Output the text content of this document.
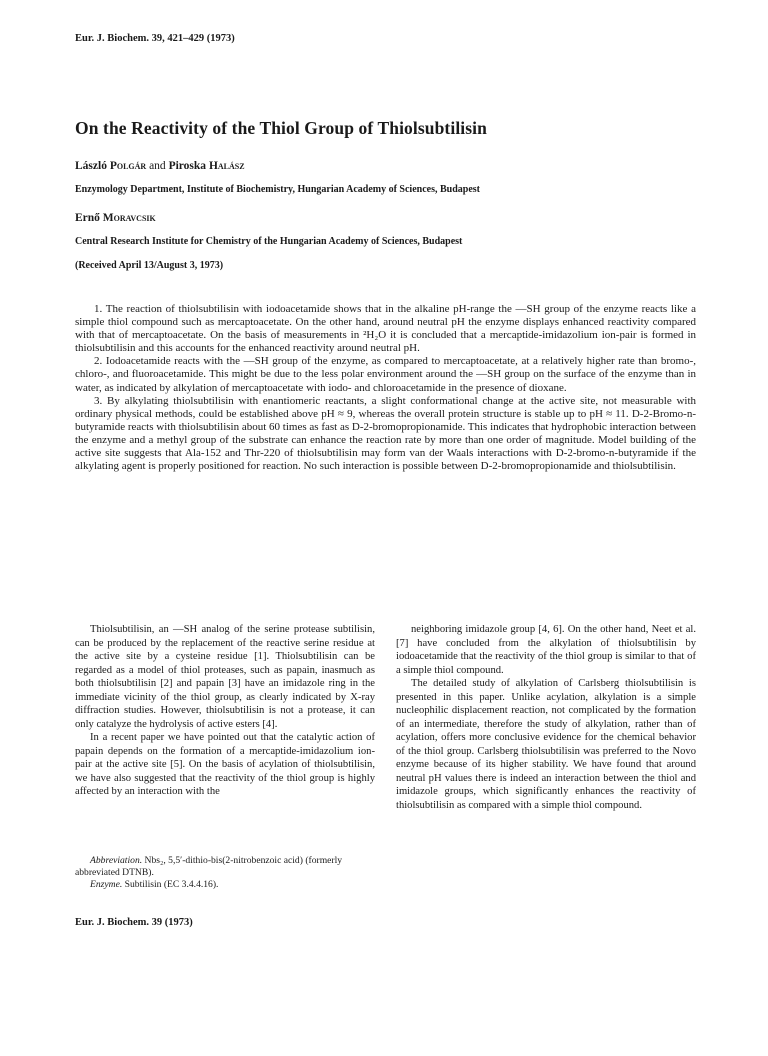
Eur. J. Biochem. 39, 421–429 (1973)
On the Reactivity of the Thiol Group of Thiolsubtilisin
László Polgár and Piroska Halász
Enzymology Department, Institute of Biochemistry, Hungarian Academy of Sciences, Budapest
Ernő Moravcsik
Central Research Institute for Chemistry of the Hungarian Academy of Sciences, Budapest
(Received April 13/August 3, 1973)

1. The reaction of thiolsubtilisin with iodoacetamide shows that in the alkaline pH-range the —SH group of the enzyme reacts like a simple thiol compound such as mercaptoacetate. On the other hand, around neutral pH the enzyme displays enhanced reactivity compared with that of mercaptoacetate. On the basis of measurements in ²H₂O it is concluded that a mercaptide-imidazolium ion-pair is formed in thiolsubtilisin and this accounts for the enhanced reactivity around neutral pH.

2. Iodoacetamide reacts with the —SH group of the enzyme, as compared to mercaptoacetate, at a relatively higher rate than bromo-, chloro-, and fluoroacetamide. This might be due to the less polar environment around the —SH group on the surface of the enzyme than in water, as indicated by alkylation of mercaptoacetate with iodo- and chloroacetamide in the presence of dioxane.

3. By alkylating thiolsubtilisin with enantiomeric reactants, a slight conformational change at the active site, not measurable with ordinary physical methods, could be established above pH ≈ 9, whereas the overall protein structure is stable up to pH ≈ 11. D-2-Bromo-n-butyramide reacts with thiolsubtilisin about 60 times as fast as D-2-bromopropionamide. This indicates that hydrophobic interaction between the enzyme and a methyl group of the substrate can enhance the reaction rate by more than one order of magnitude. Model building of the active site suggests that Ala-152 and Thr-220 of thiolsubtilisin may form van der Waals interactions with D-2-bromo-n-butyramide if the alkylating agent is properly positioned for reaction. No such interaction is possible between D-2-bromopropionamide and thiolsubtilisin.

Thiolsubtilisin, an —SH analog of the serine protease subtilisin, can be produced by the replacement of the reactive serine residue at the active site by a cysteine residue [1]. Thiolsubtilisin can be regarded as a model of thiol proteases, such as papain, inasmuch as both thiolsubtilisin [2] and papain [3] have an imidazole ring in the immediate vicinity of the thiol group, as clearly indicated by X-ray diffraction studies. However, thiolsubtilisin is not a protease, it can only catalyze the hydrolysis of active esters [4].

In a recent paper we have pointed out that the catalytic action of papain depends on the formation of a mercaptide-imidazolium ion-pair at the active site [5]. On the basis of acylation of thiolsubtilisin, we have also suggested that the reactivity of the thiol group is highly affected by an interaction with the

neighboring imidazole group [4, 6]. On the other hand, Neet et al. [7] have concluded from the alkylation of thiolsubtilisin by iodoacetamide that the reactivity of the thiol group is similar to that of a simple thiol compound.

The detailed study of alkylation of Carlsberg thiolsubtilisin is presented in this paper. Unlike acylation, alkylation is a simple nucleophilic displacement reaction, not complicated by the formation of an intermediate, therefore the study of alkylation, rather than of acylation, offers more conclusive evidence for the chemical behavior of the thiol group. Carlsberg thiolsubtilisin was preferred to the Novo enzyme because of its higher stability. We have found that around neutral pH values there is indeed an interaction between the thiol and imidazole groups, which significantly enhances the reactivity of thiolsubtilisin as compared with a simple thiol compound.

Abbreviation. Nbs₂, 5,5′-dithio-bis(2-nitrobenzoic acid) (formerly abbreviated DTNB).
Enzyme. Subtilisin (EC 3.4.4.16).
Eur. J. Biochem. 39 (1973)
